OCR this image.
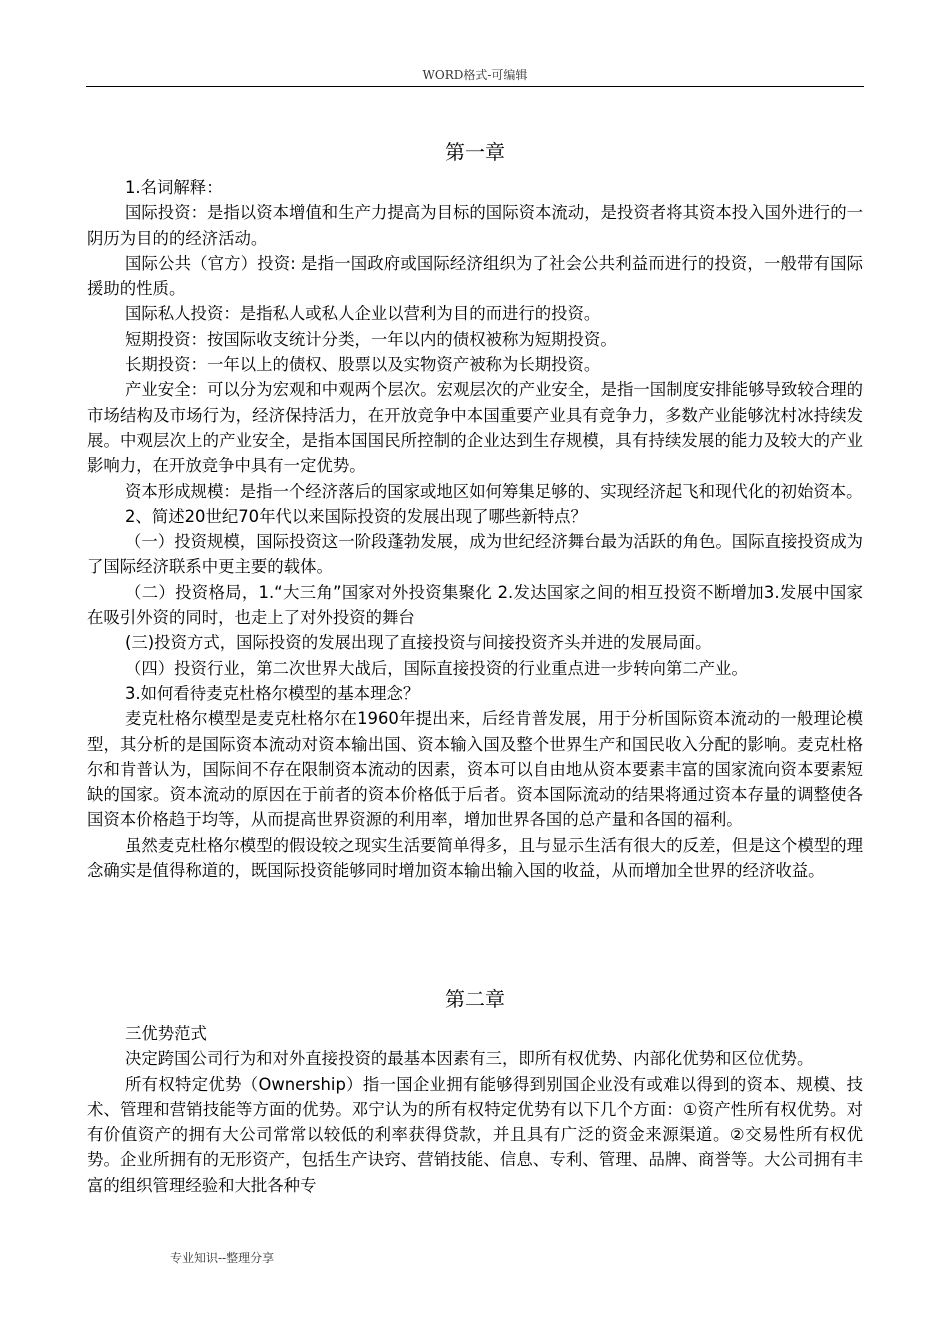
WORD格式-可编辑
第一章

1.名词解释：

国际投资：是指以资本增值和生产力提高为目标的国际资本流动，是投资者将其资本投入国外进行的一阴历为目的的经济活动。

国际公共（官方）投资: 是指一国政府或国际经济组织为了社会公共利益而进行的投资，一般带有国际援助的性质。

国际私人投资：是指私人或私人企业以营利为目的而进行的投资。

短期投资：按国际收支统计分类，一年以内的债权被称为短期投资。

长期投资：一年以上的债权、股票以及实物资产被称为长期投资。

产业安全：可以分为宏观和中观两个层次。宏观层次的产业安全，是指一国制度安排能够导致较合理的市场结构及市场行为，经济保持活力，在开放竞争中本国重要产业具有竞争力，多数产业能够沈村冰持续发展。中观层次上的产业安全，是指本国国民所控制的企业达到生存规模，具有持续发展的能力及较大的产业影响力，在开放竞争中具有一定优势。

资本形成规模：是指一个经济落后的国家或地区如何筹集足够的、实现经济起飞和现代化的初始资本。

2、简述20世纪70年代以来国际投资的发展出现了哪些新特点？

（一）投资规模，国际投资这一阶段蓬勃发展，成为世纪经济舞台最为活跃的角色。国际直接投资成为了国际经济联系中更主要的载体。

（二）投资格局，1.“大三角”国家对外投资集聚化 2.发达国家之间的相互投资不断增加3.发展中国家在吸引外资的同时，也走上了对外投资的舞台

(三)投资方式，国际投资的发展出现了直接投资与间接投资齐头并进的发展局面。

（四）投资行业，第二次世界大战后，国际直接投资的行业重点进一步转向第二产业。

3.如何看待麦克杜格尔模型的基本理念？

麦克杜格尔模型是麦克杜格尔在1960年提出来，后经肯普发展，用于分析国际资本流动的一般理论模型，其分析的是国际资本流动对资本输出国、资本输入国及整个世界生产和国民收入分配的影响。麦克杜格尔和肯普认为，国际间不存在限制资本流动的因素，资本可以自由地从资本要素丰富的国家流向资本要素短缺的国家。资本流动的原因在于前者的资本价格低于后者。资本国际流动的结果将通过资本存量的调整使各国资本价格趋于均等，从而提高世界资源的利用率，增加世界各国的总产量和各国的福利。

虽然麦克杜格尔模型的假设较之现实生活要简单得多，且与显示生活有很大的反差，但是这个模型的理念确实是值得称道的，既国际投资能够同时增加资本输出输入国的收益，从而增加全世界的经济收益。

第二章

三优势范式

决定跨国公司行为和对外直接投资的最基本因素有三，即所有权优势、内部化优势和区位优势。

所有权特定优势（Ownership）指一国企业拥有能够得到别国企业没有或难以得到的资本、规模、技术、管理和营销技能等方面的优势。邓宁认为的所有权特定优势有以下几个方面：①资产性所有权优势。对有价值资产的拥有大公司常常以较低的利率获得贷款，并且具有广泛的资金来源渠道。②交易性所有权优势。企业所拥有的无形资产，包括生产诀窍、营销技能、信息、专利、管理、品牌、商誉等。大公司拥有丰富的组织管理经验和大批各种专

专业知识--整理分享
